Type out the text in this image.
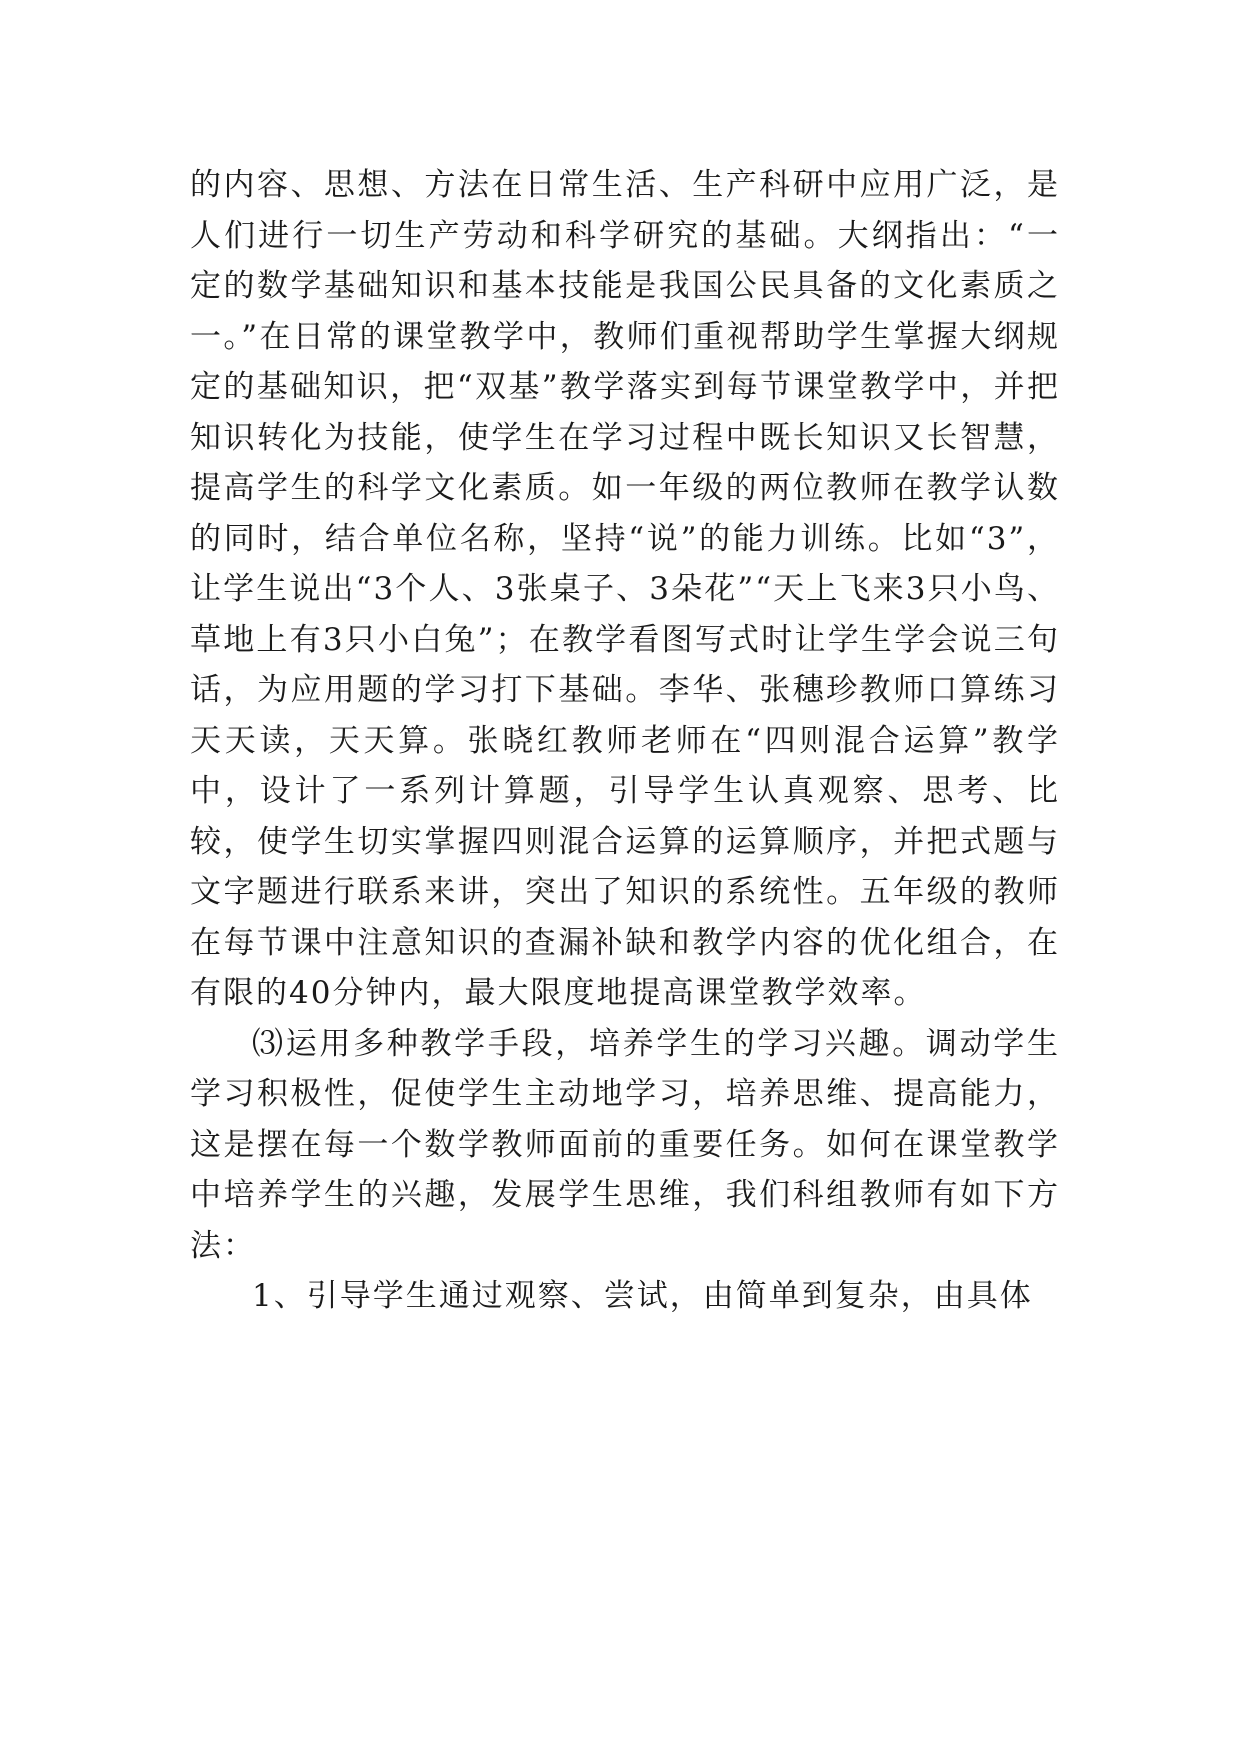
的内容、思想、方法在日常生活、生产科研中应用广泛，是人们进行一切生产劳动和科学研究的基础。大纲指出：“一定的数学基础知识和基本技能是我国公民具备的文化素质之一。”在日常的课堂教学中，教师们重视帮助学生掌握大纲规定的基础知识，把“双基”教学落实到每节课堂教学中，并把知识转化为技能，使学生在学习过程中既长知识又长智慧，提高学生的科学文化素质。如一年级的两位教师在教学认数的同时，结合单位名称，坚持“说”的能力训练。比如“3”，让学生说出“3个人、3张桌子、3朵花”“天上飞来3只小鸟、草地上有3只小白兔”；在教学看图写式时让学生学会说三句话，为应用题的学习打下基础。李华、张穗珍教师口算练习天天读，天天算。张晓红教师老师在“四则混合运算”教学中，设计了一系列计算题，引导学生认真观察、思考、比较，使学生切实掌握四则混合运算的运算顺序，并把式题与文字题进行联系来讲，突出了知识的系统性。五年级的教师在每节课中注意知识的查漏补缺和教学内容的优化组合，在有限的40分钟内，最大限度地提高课堂教学效率。

⑶运用多种教学手段，培养学生的学习兴趣。调动学生学习积极性，促使学生主动地学习，培养思维、提高能力，这是摆在每一个数学教师面前的重要任务。如何在课堂教学中培养学生的兴趣，发展学生思维，我们科组教师有如下方法：

1、引导学生通过观察、尝试，由简单到复杂，由具体
